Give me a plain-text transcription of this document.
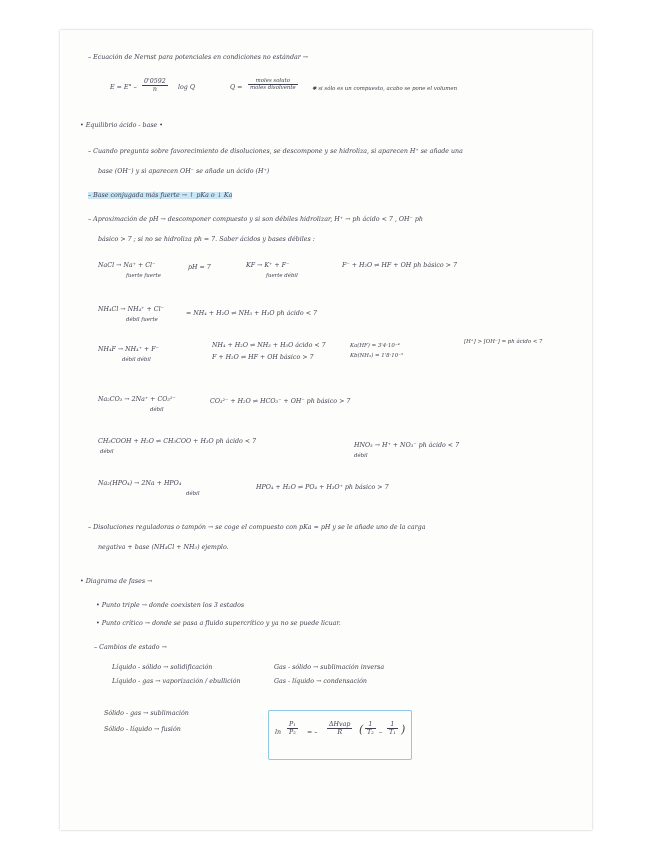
– Ecuación de Nernst para potenciales en condiciones no estándar →
$E = E^\circ - \frac{0'0592}{n}$ log Q	Q =
moles soluto
moles disolvente	✱ si sólo es un compuesto, acabo se pone el volumen
• Equilibrio ácido - base •
– Cuando pregunta sobre favorecimiento de disoluciones, se descompone y se hidroliza, si aparecen H⁺ se añade una
base (OH⁻) y si aparecen OH⁻ se añade un ácido (H⁺)
– Base conjugada más fuerte → ↑ pKa o ↓ Ka
– Aproximación de pH → descomponer compuesto y si son débiles hidrolizar, H⁺ → ph ácido < 7 , OH⁻ ph
básico > 7 ; si no se hidroliza ph = 7. Saber ácidos y bases débiles :
NaCl → Na⁺ + Cl⁻
fuerte fuerte
pH = 7	KF → K⁺ + F⁻
fuerte débil
F⁻ + H₂O ⇌ HF + OH ph básico > 7
NH₄Cl → NH₄⁺ + Cl⁻
débil fuerte
= NH₄ + H₂O ⇌ NH₃ + H₃O ph ácido < 7
NH₄F → NH₄⁺ + F⁻
débil débil
NH₄ + H₂O ⇌ NH₃ + H₃O ácido < 7
F + H₂O ⇌ HF + OH básico > 7
Ka(HF) = 3'4·10⁻⁴
Kb(NH₃) = 1'8·10⁻⁵
[H⁺] > [OH⁻] = ph ácido < 7
Na₂CO₃ → 2Na⁺ + CO₃²⁻
débil
CO₃²⁻ + H₂O ⇌ HCO₃⁻ + OH⁻ ph básico > 7
CH₃COOH + H₂O ⇌ CH₃COO + H₃O ph ácido < 7
débil
HNO₃ → H⁺ + NO₃⁻ ph ácido < 7
débil
Na₂(HPO₄) → 2Na + HPO₄
débil
HPO₄ + H₂O ⇌ PO₄ + H₃O⁺ ph básico > 7
– Disoluciones reguladoras o tampón → se coge el compuesto con pKa ≈ pH y se le añade uno de la carga
negativa + base (NH₄Cl + NH₃) ejemplo.
• Diagrama de fases →
• Punto triple → donde coexisten los 3 estados
• Punto crítico → donde se pasa a fluido supercrítico y ya no se puede licuar.
– Cambios de estado →
Líquido - sólido → solidificación	Gas - sólido → sublimación inversa
Líquido - gas → vaporización / ebullición	Gas - líquido → condensación
Sólido - gas → sublimación
Sólido - líquido → fusión	$\ln \frac{\text{P₁}}{\text{P₂}}$ = –
ΔHvap
R	( $\frac{1}{\text{T₂}} - \frac{1}{\text{T₁}}$ )
